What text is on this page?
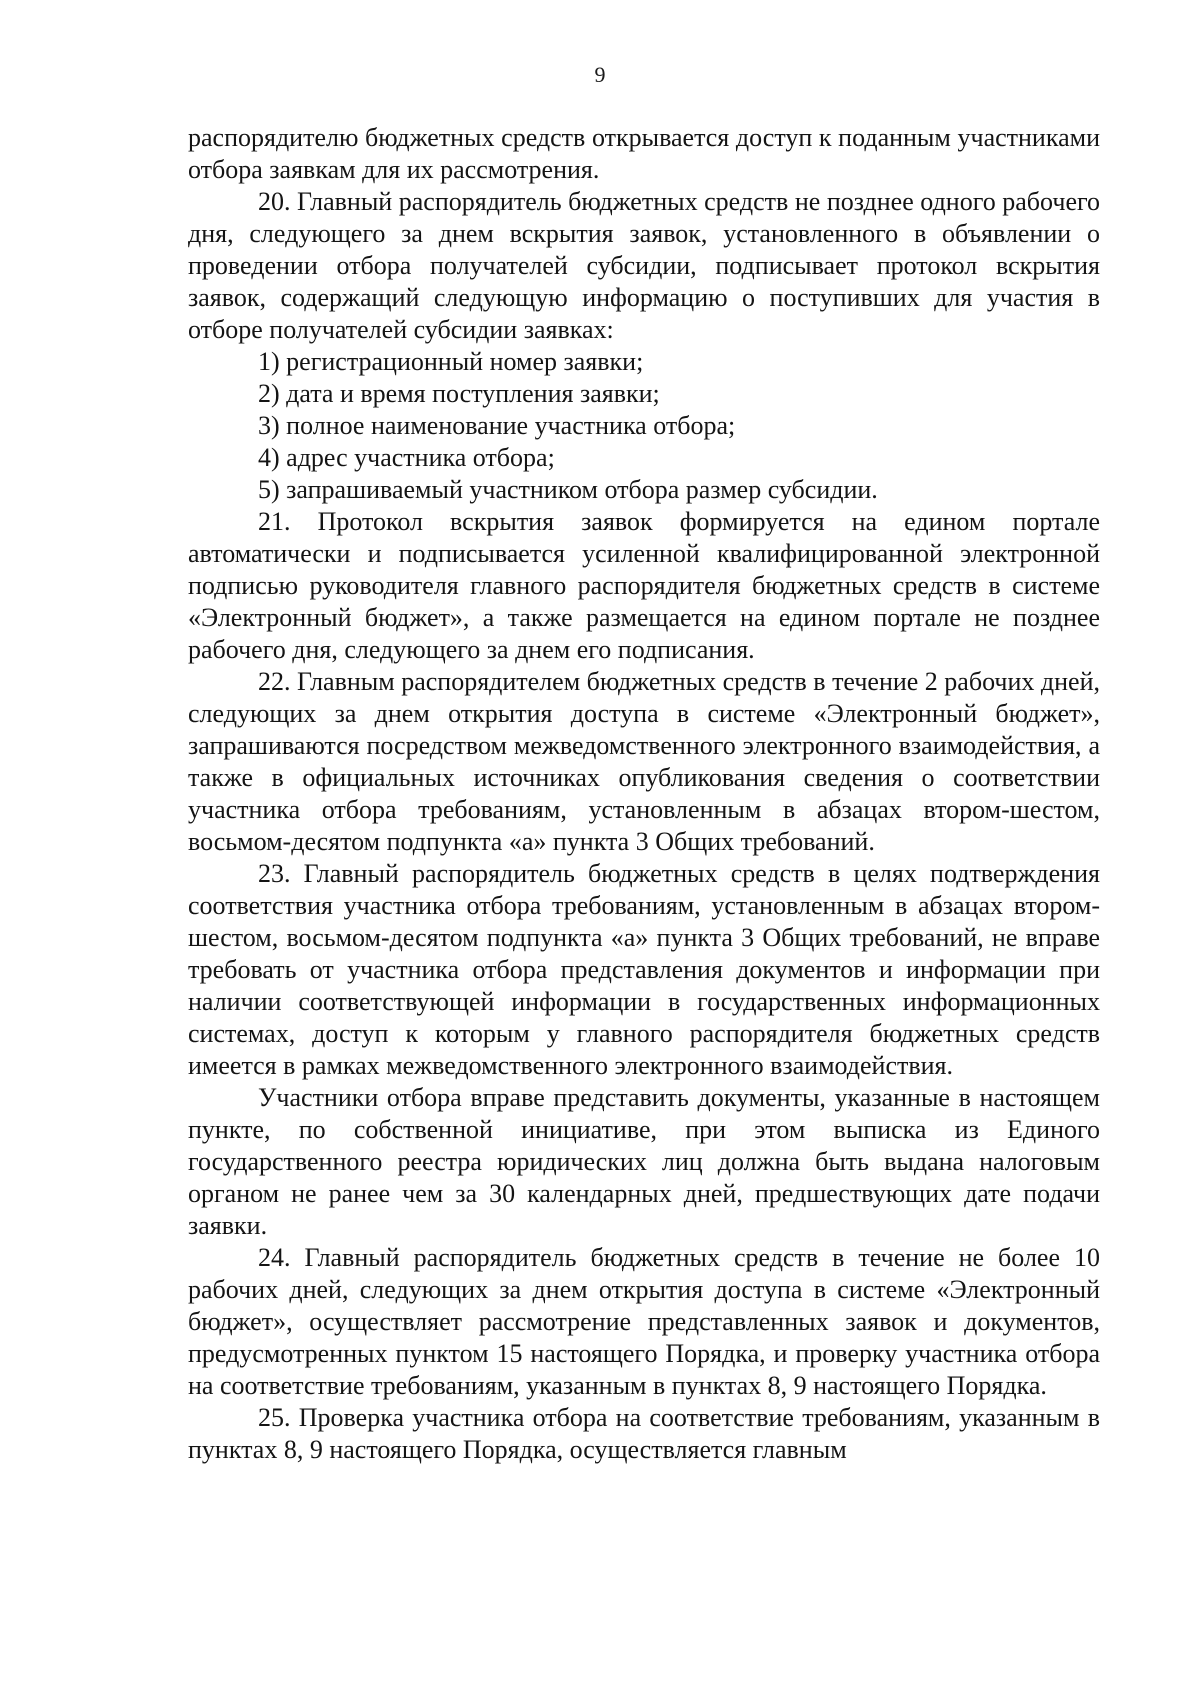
9

распорядителю бюджетных средств открывается доступ к поданным участниками отбора заявкам для их рассмотрения.

20. Главный распорядитель бюджетных средств не позднее одного рабочего дня, следующего за днем вскрытия заявок, установленного в объявлении о проведении отбора получателей субсидии, подписывает протокол вскрытия заявок, содержащий следующую информацию о поступивших для участия в отборе получателей субсидии заявках:

1) регистрационный номер заявки;

2) дата и время поступления заявки;

3) полное наименование участника отбора;

4) адрес участника отбора;

5) запрашиваемый участником отбора размер субсидии.

21. Протокол вскрытия заявок формируется на едином портале автоматически и подписывается усиленной квалифицированной электронной подписью руководителя главного распорядителя бюджетных средств в системе «Электронный бюджет», а также размещается на едином портале не позднее рабочего дня, следующего за днем его подписания.

22. Главным распорядителем бюджетных средств в течение 2 рабочих дней, следующих за днем открытия доступа в системе «Электронный бюджет», запрашиваются посредством межведомственного электронного взаимодействия, а также в официальных источниках опубликования сведения о соответствии участника отбора требованиям, установленным в абзацах втором-шестом, восьмом-десятом подпункта «а» пункта 3 Общих требований.

23. Главный распорядитель бюджетных средств в целях подтверждения соответствия участника отбора требованиям, установленным в абзацах втором-шестом, восьмом-десятом подпункта «а» пункта 3 Общих требований, не вправе требовать от участника отбора представления документов и информации при наличии соответствующей информации в государственных информационных системах, доступ к которым у главного распорядителя бюджетных средств имеется в рамках межведомственного электронного взаимодействия.

Участники отбора вправе представить документы, указанные в настоящем пункте, по собственной инициативе, при этом выписка из Единого государственного реестра юридических лиц должна быть выдана налоговым органом не ранее чем за 30 календарных дней, предшествующих дате подачи заявки.

24. Главный распорядитель бюджетных средств в течение не более 10 рабочих дней, следующих за днем открытия доступа в системе «Электронный бюджет», осуществляет рассмотрение представленных заявок и документов, предусмотренных пунктом 15 настоящего Порядка, и проверку участника отбора на соответствие требованиям, указанным в пунктах 8, 9 настоящего Порядка.

25. Проверка участника отбора на соответствие требованиям, указанным в пунктах 8, 9 настоящего Порядка, осуществляется главным
